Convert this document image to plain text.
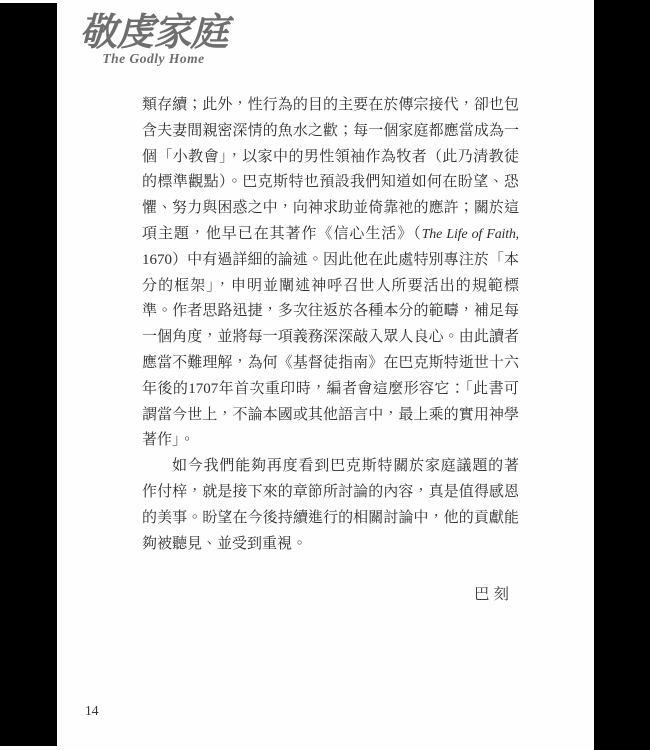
敬虔家庭
The Godly Home
類存續；此外，性行為的目的主要在於傳宗接代，卻也包
含夫妻間親密深情的魚水之歡；每一個家庭都應當成為一
個「小教會」，以家中的男性領袖作為牧者（此乃清教徒
的標準觀點）。巴克斯特也預設我們知道如何在盼望、恐
懼、努力與困惑之中，向神求助並倚靠祂的應許；關於這
項主題，他早已在其著作《信心生活》（The Life of Faith,
1670）中有過詳細的論述。因此他在此處特別專注於「本
分的框架」，申明並闡述神呼召世人所要活出的規範標
準。作者思路迅捷，多次往返於各種本分的範疇，補足每
一個角度，並將每一項義務深深敲入眾人良心。由此讀者
應當不難理解，為何《基督徒指南》在巴克斯特逝世十六
年後的1707年首次重印時，編者會這麼形容它：「此書可
謂當今世上，不論本國或其他語言中，最上乘的實用神學
著作」。
如今我們能夠再度看到巴克斯特關於家庭議題的著
作付梓，就是接下來的章節所討論的內容，真是值得感恩
的美事。盼望在今後持續進行的相關討論中，他的貢獻能
夠被聽見、並受到重視。
巴刻
14
